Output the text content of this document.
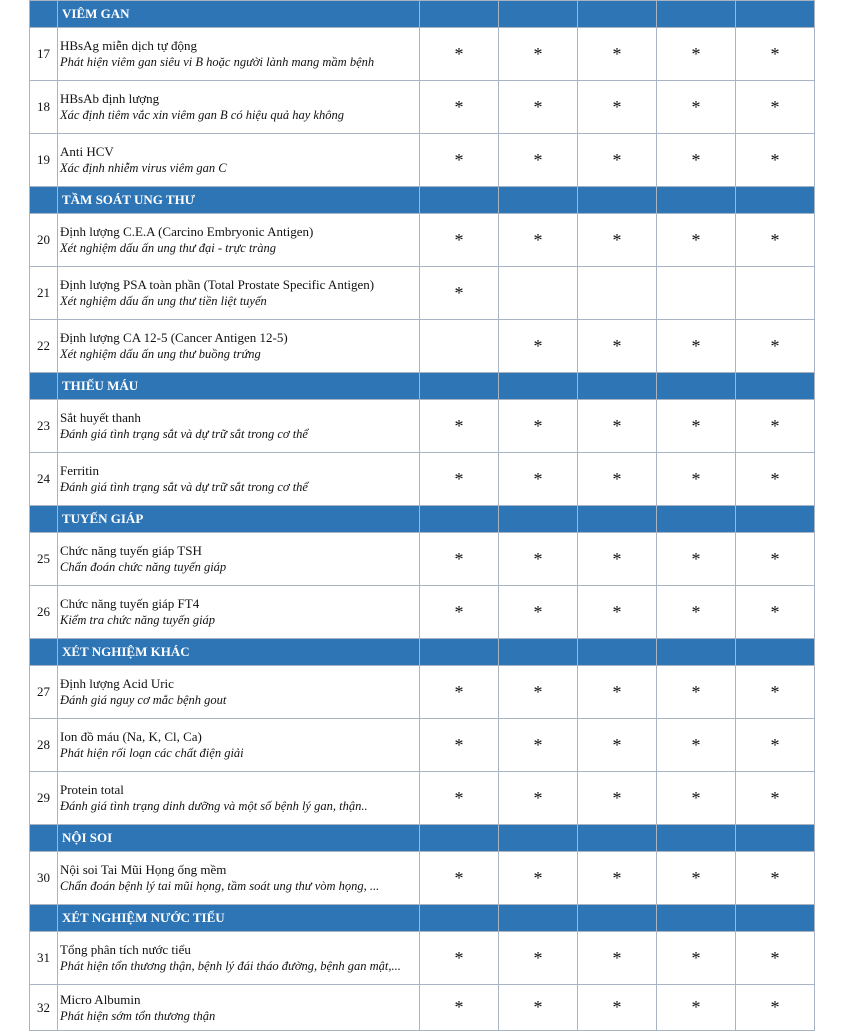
	VIÊM GAN					
17	HBsAg miễn dịch tự động
Phát hiện viêm gan siêu vi B hoặc người lành mang mầm bệnh	*	*	*	*	*
18	HBsAb định lượng
Xác định tiêm vắc xin viêm gan B có hiệu quả hay không	*	*	*	*	*
19	Anti HCV
Xác định nhiễm virus viêm gan C	*	*	*	*	*
	TẦM SOÁT UNG THƯ					
20	Định lượng C.E.A (Carcino Embryonic Antigen)
Xét nghiệm dấu ấn ung thư đại - trực tràng	*	*	*	*	*
21	Định lượng PSA toàn phần (Total Prostate Specific Antigen)
Xét nghiệm dấu ấn ung thư tiền liệt tuyến	*				
22	Định lượng CA 12-5 (Cancer Antigen 12-5)
Xét nghiệm dấu ấn ung thư buồng trứng		*	*	*	*
	THIẾU MÁU					
23	Sắt huyết thanh
Đánh giá tình trạng sắt và dự trữ sắt trong cơ thể	*	*	*	*	*
24	Ferritin
Đánh giá tình trạng sắt và dự trữ sắt trong cơ thể	*	*	*	*	*
	TUYẾN GIÁP					
25	Chức năng tuyến giáp TSH
Chẩn đoán chức năng tuyến giáp	*	*	*	*	*
26	Chức năng tuyến giáp FT4
Kiểm tra chức năng tuyến giáp	*	*	*	*	*
	XÉT NGHIỆM KHÁC					
27	Định lượng Acid Uric
Đánh giá nguy cơ mắc bệnh gout	*	*	*	*	*
28	Ion đồ máu (Na, K, Cl, Ca)
Phát hiện rối loạn các chất điện giải	*	*	*	*	*
29	Protein total
Đánh giá tình trạng dinh dưỡng và một số bệnh lý gan, thận..	*	*	*	*	*
	NỘI SOI					
30	Nội soi Tai Mũi Họng ống mềm
Chẩn đoán bệnh lý tai mũi họng, tầm soát ung thư vòm họng, ...	*	*	*	*	*
	XÉT NGHIỆM NƯỚC TIỂU					
31	Tổng phân tích nước tiểu
Phát hiện tổn thương thận, bệnh lý đái tháo đường, bệnh gan mật,...	*	*	*	*	*
32	Micro Albumin
Phát hiện sớm tổn thương thận	*	*	*	*	*
